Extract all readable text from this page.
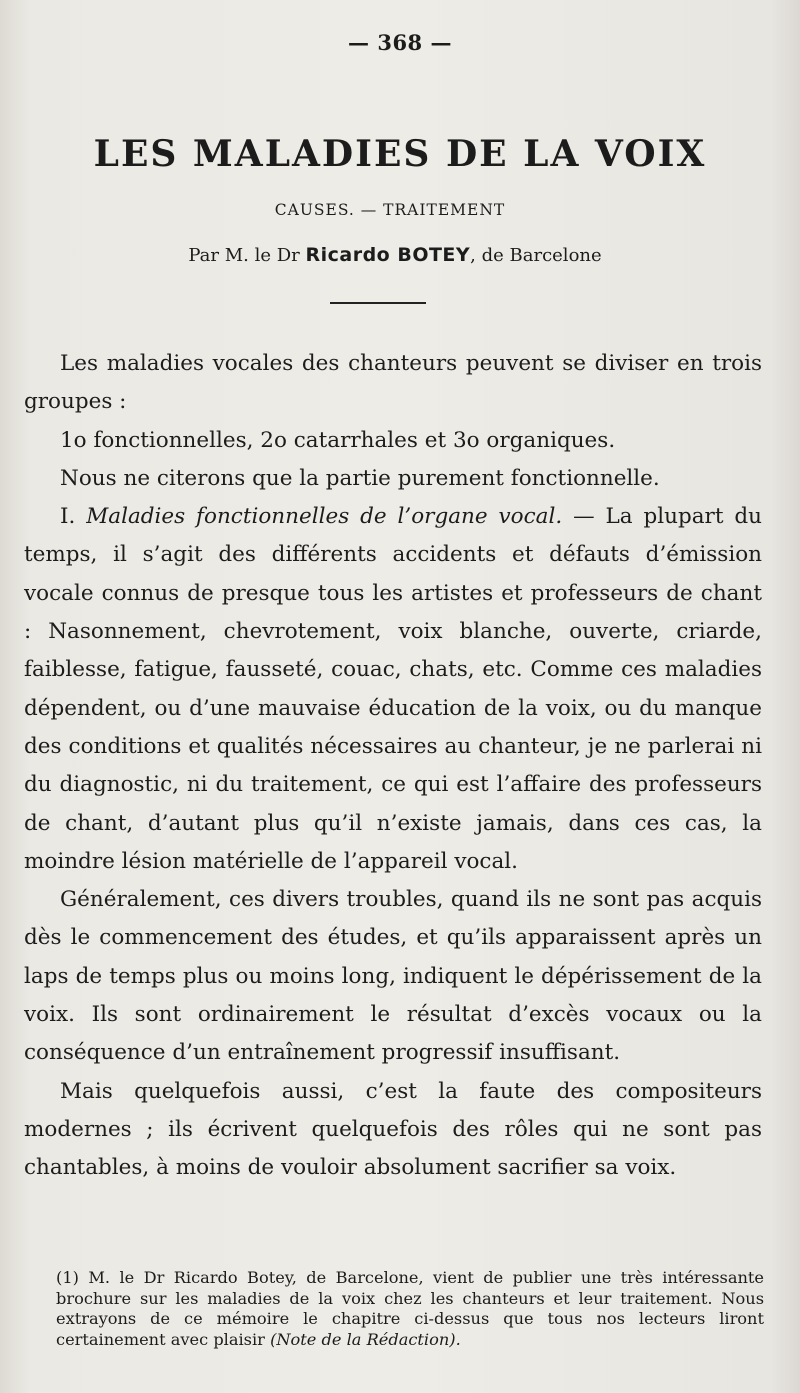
— 368 —
LES MALADIES DE LA VOIX
CAUSES. — TRAITEMENT
Par M. le Dr Ricardo BOTEY, de Barcelone

Les maladies vocales des chanteurs peuvent se diviser en trois groupes :

1o fonctionnelles, 2o catarrhales et 3o organiques.

Nous ne citerons que la partie purement fonctionnelle.

I. Maladies fonctionnelles de l’organe vocal. — La plupart du temps, il s’agit des différents accidents et défauts d’émission vocale connus de presque tous les artistes et professeurs de chant : Nasonnement, chevrotement, voix blanche, ouverte, criarde, faiblesse, fatigue, fausseté, couac, chats, etc. Comme ces maladies dépendent, ou d’une mauvaise éducation de la voix, ou du manque des conditions et qualités nécessaires au chanteur, je ne parlerai ni du diagnostic, ni du traitement, ce qui est l’affaire des professeurs de chant, d’autant plus qu’il n’existe jamais, dans ces cas, la moindre lésion matérielle de l’appareil vocal.

Généralement, ces divers troubles, quand ils ne sont pas acquis dès le commencement des études, et qu’ils apparaissent après un laps de temps plus ou moins long, indiquent le dépérissement de la voix. Ils sont ordinairement le résultat d’excès vocaux ou la conséquence d’un entraînement progressif insuffisant.

Mais quelquefois aussi, c’est la faute des compositeurs modernes ; ils écrivent quelquefois des rôles qui ne sont pas chantables, à moins de vouloir absolument sacrifier sa voix.

(1) M. le Dr Ricardo Botey, de Barcelone, vient de publier une très intéressante brochure sur les maladies de la voix chez les chanteurs et leur traitement. Nous extrayons de ce mémoire le chapitre ci-dessus que tous nos lecteurs liront certainement avec plaisir (Note de la Rédaction).
